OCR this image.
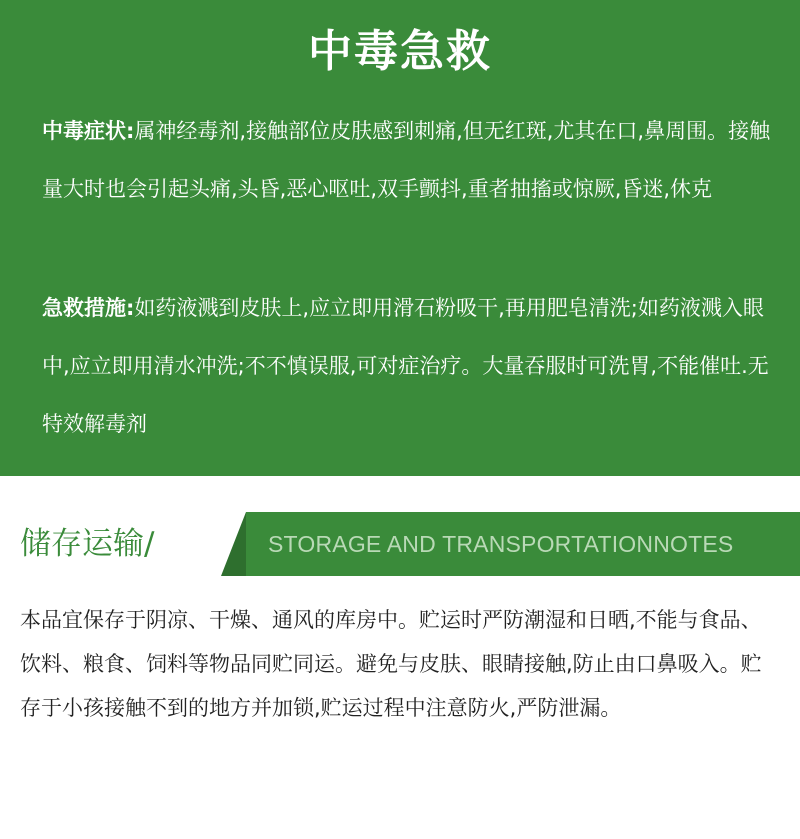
中毒急救
中毒症状:属神经毒剂,接触部位皮肤感到刺痛,但无红斑,尤其在口,鼻周围。接触量大时也会引起头痛,头昏,恶心呕吐,双手颤抖,重者抽搐或惊厥,昏迷,休克
急救措施:如药液溅到皮肤上,应立即用滑石粉吸干,再用肥皂清洗;如药液溅入眼中,应立即用清水冲洗;不不慎误服,可对症治疗。大量吞服时可洗胃,不能催吐.无特效解毒剂
储存运输/	STORAGE AND TRANSPORTATIONNOTES
本品宜保存于阴凉、干燥、通风的库房中。贮运时严防潮湿和日晒,不能与食品、饮料、粮食、饲料等物品同贮同运。避免与皮肤、眼睛接触,防止由口鼻吸入。贮存于小孩接触不到的地方并加锁,贮运过程中注意防火,严防泄漏。
